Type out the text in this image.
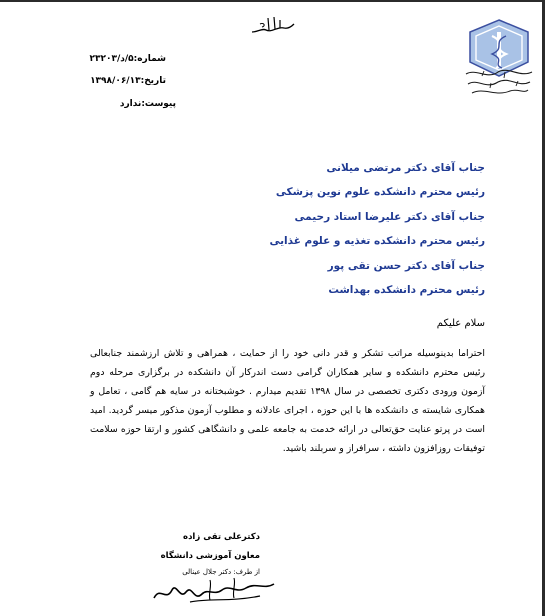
شماره:۵/د/۲۳۲۰۳
تاریخ:۱۳۹۸/۰۶/۱۳
پیوست:ندارد
جناب آقای دکتر مرتضی میلانی
رئیس محترم دانشکده علوم نوین پزشکی
جناب آقای دکتر علیرضا استاد رحیمی
رئیس محترم دانشکده تغذیه و علوم غذایی
جناب آقای دکتر حسن تقی پور
رئیس محترم دانشکده بهداشت
سلام علیکم
احتراما بدینوسیله مراتب تشکر و قدر دانی خود را از حمایت ، همراهی و تلاش ارزشمند جنابعالی رئیس محترم دانشکده و سایر همکاران گرامی دست اندرکار آن دانشکده در برگزاری مرحله دوم آزمون ورودی دکتری تخصصی در سال ۱۳۹۸ تقدیم میدارم . خوشبختانه در سایه هم گامی ، تعامل و همکاری شایسته ی دانشکده ها با این حوزه ، اجرای عادلانه و مطلوب آزمون مذکور میسر گردید. امید است در پرتو عنایت حق‌تعالی در ارائه خدمت به جامعه علمی و دانشگاهی کشور و ارتقا حوزه سلامت توفیقات روزافزون داشته ، سرافراز و سربلند باشید.
دکترعلی تقی زاده
معاون آموزشی دانشگاه
از طرف: دکتر جلال عینالی
